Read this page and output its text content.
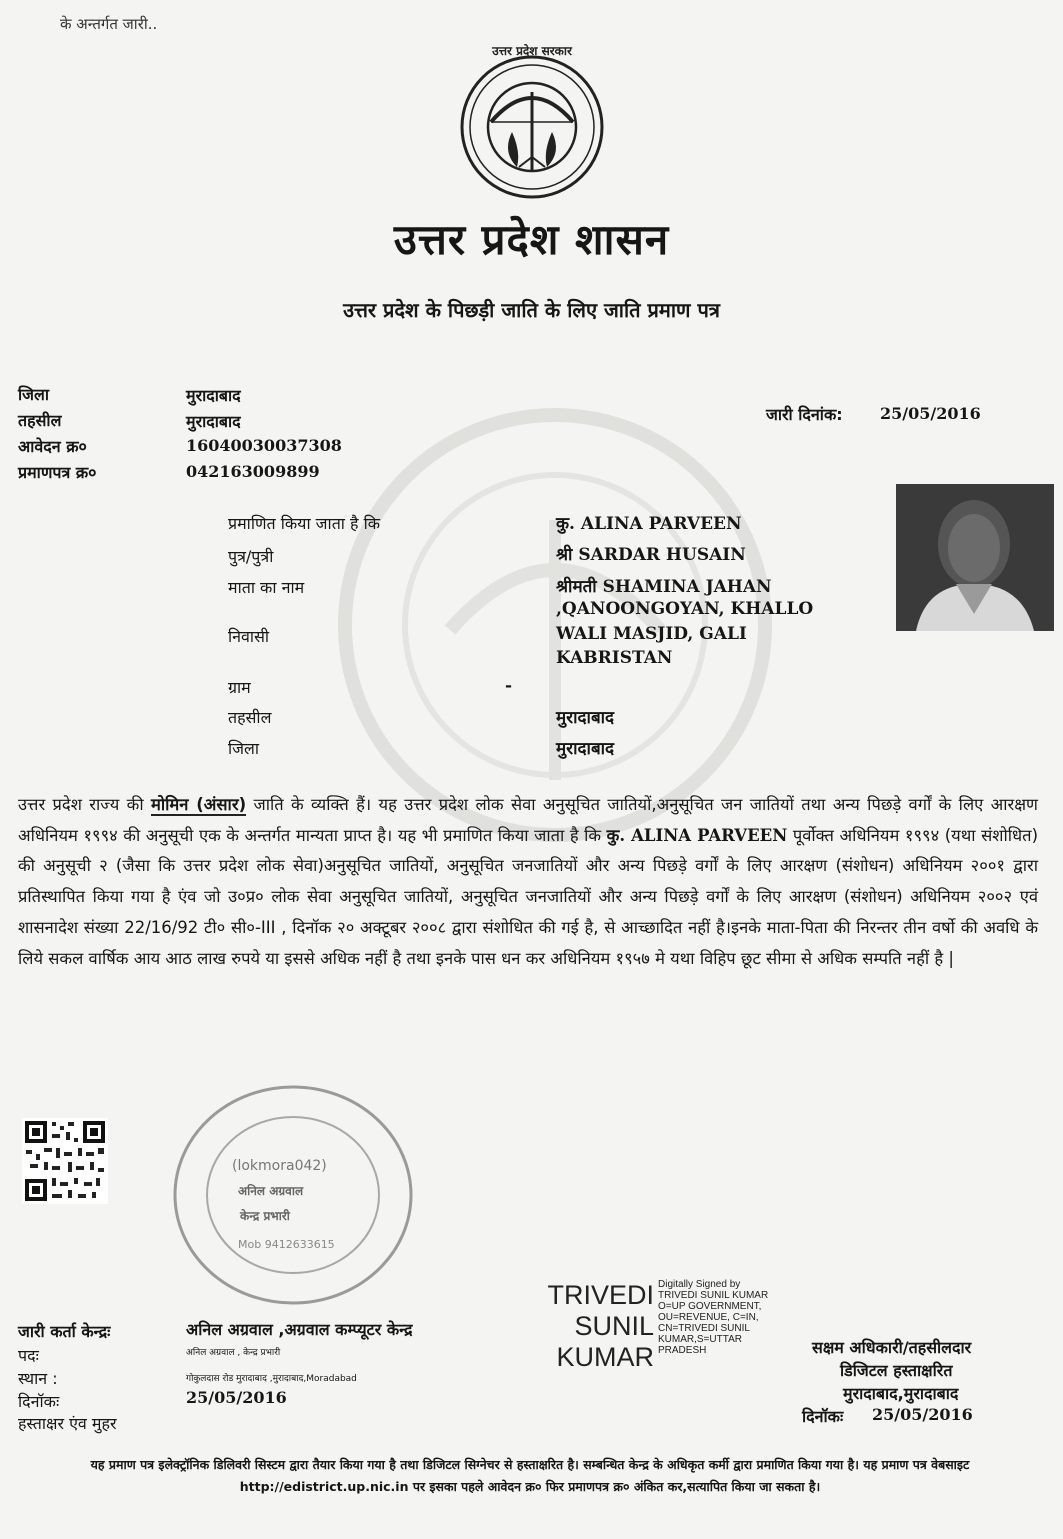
के अन्तर्गत जारी..
उत्तर प्रदेश सरकार
उत्तर प्रदेश शासन
उत्तर प्रदेश के पिछड़ी जाति के लिए जाति प्रमाण पत्र
जिला	मुरादाबाद
तहसील	मुरादाबाद
आवेदन क्र०	16040030037308
प्रमाणपत्र क्र०	042163009899
जारी दिनांक: 25/05/2016
प्रमाणित किया जाता है कि	कु. ALINA PARVEEN
पुत्र/पुत्री	श्री SARDAR HUSAIN
माता का नाम	श्रीमती SHAMINA JAHAN
,QANOONGOYAN, KHALLO
निवासी	WALI MASJID, GALI
KABRISTAN
ग्राम	-
तहसील	मुरादाबाद
जिला	मुरादाबाद
उत्तर प्रदेश राज्य की मोमिन (अंसार) जाति के व्यक्ति हैं। यह उत्तर प्रदेश लोक सेवा अनुसूचित जातियों,अनुसूचित जन जातियों तथा अन्य पिछड़े वर्गों के लिए आरक्षण अधिनियम १९९४ की अनुसूची एक के अन्तर्गत मान्यता प्राप्त है। यह भी प्रमाणित किया जाता है कि कु. ALINA PARVEEN पूर्वोक्त अधिनियम १९९४ (यथा संशोधित) की अनुसूची २ (जैसा कि उत्तर प्रदेश लोक सेवा)अनुसूचित जातियों, अनुसूचित जनजातियों और अन्य पिछड़े वर्गों के लिए आरक्षण (संशोधन) अधिनियम २००१ द्वारा प्रतिस्थापित किया गया है एंव जो उ०प्र० लोक सेवा अनुसूचित जातियों, अनुसूचित जनजातियों और अन्य पिछड़े वर्गों के लिए आरक्षण (संशोधन) अधिनियम २००२ एवं शासनादेश संख्या 22/16/92 टी० सी०-III , दिनॉक २० अक्टूबर २००८ द्वारा संशोधित की गई है, से आच्छादित नहीं है।इनके माता-पिता की निरन्तर तीन वर्षो की अवधि के लिये सकल वार्षिक आय आठ लाख रुपये या इससे अधिक नहीं है तथा इनके पास धन कर अधिनियम १९५७ मे यथा विहिप छूट सीमा से अधिक सम्पति नहीं है |
(lokmora042)
अनिल अग्रवाल
केन्द्र प्रभारी
Mob 9412633615
जारी कर्ता केन्द्रः	अनिल अग्रवाल ,अग्रवाल कम्प्यूटर केन्द्र
पदः	अनिल अग्रवाल , केन्द्र प्रभारी
स्थान :	गोकुलदास रोड मुरादाबाद ,मुरादाबाद,Moradabad
दिनॉकः	25/05/2016
हस्ताक्षर एंव मुहर
TRIVEDI
SUNIL
KUMAR
Digitally Signed by
TRIVEDI SUNIL KUMAR
O=UP GOVERNMENT,
OU=REVENUE, C=IN,
CN=TRIVEDI SUNIL
KUMAR,S=UTTAR
PRADESH	सक्षम अधिकारी/तहसीलदार
डिजिटल हस्ताक्षरित
मुरादाबाद,मुरादाबाद
दिनॉकः 25/05/2016
यह प्रमाण पत्र इलेक्ट्रॉनिक डिलिवरी सिस्टम द्वारा तैयार किया गया है तथा डिजिटल सिग्नेचर से हस्ताक्षरित है। सम्बन्धित केन्द्र के अधिकृत कर्मी द्वारा प्रमाणित किया गया है। यह प्रमाण पत्र वेबसाइट http://edistrict.up.nic.in पर इसका पहले आवेदन क्र० फिर प्रमाणपत्र क्र० अंकित कर,सत्यापित किया जा सकता है।
